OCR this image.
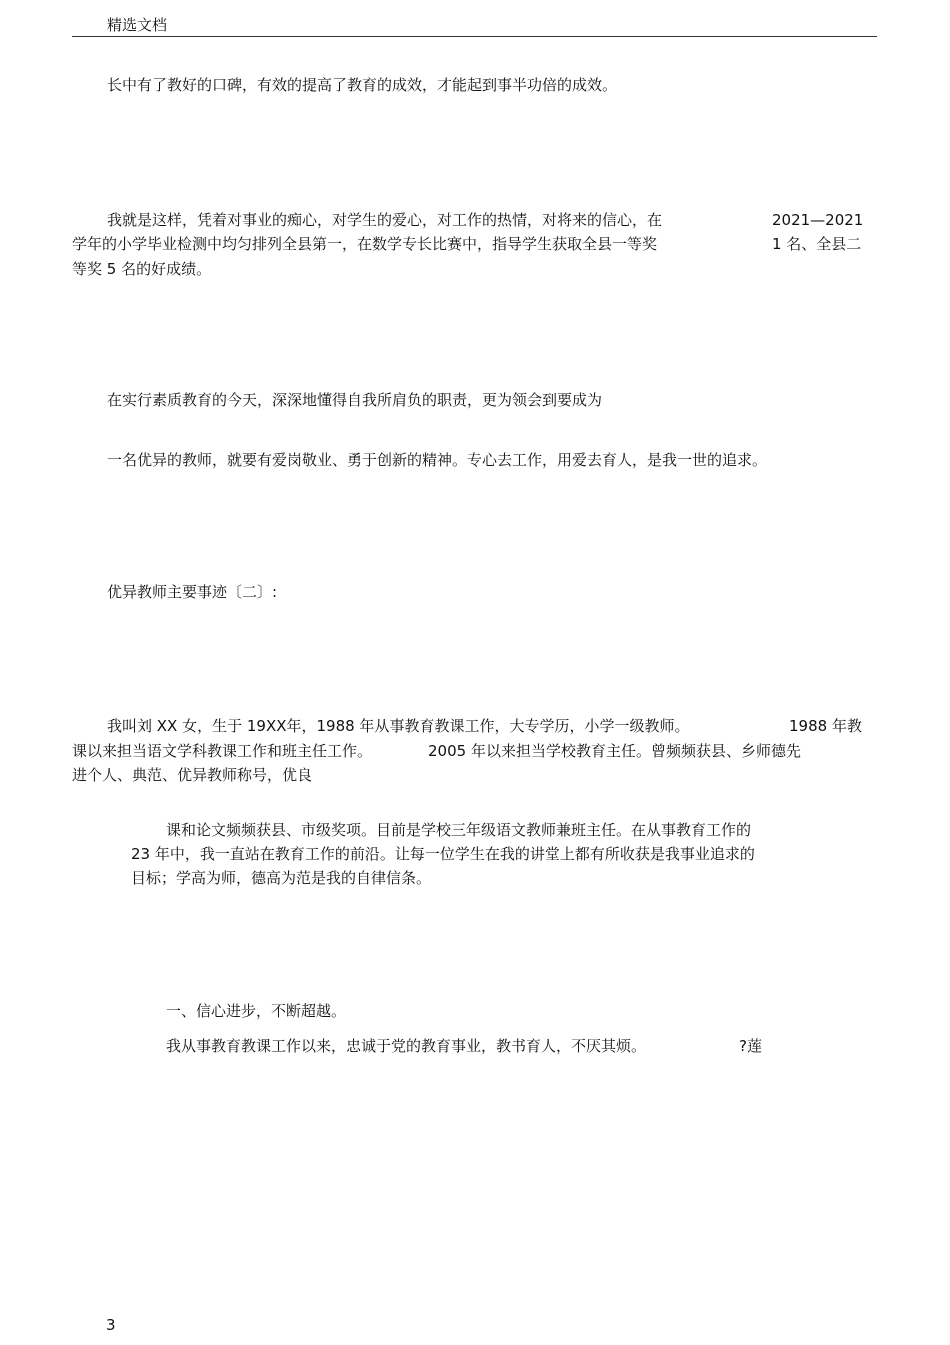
精选文档
长中有了教好的口碑，有效的提高了教育的成效，才能起到事半功倍的成效。
我就是这样，凭着对事业的痴心，对学生的爱心，对工作的热情，对将来的信心，在	2021—2021
学年的小学毕业检测中均匀排列全县第一，在数学专长比赛中，指导学生获取全县一等奖	1 名、全县二
等奖 5 名的好成绩。
在实行素质教育的今天，深深地懂得自我所肩负的职责，更为领会到要成为
一名优异的教师，就要有爱岗敬业、勇于创新的精神。专心去工作，用爱去育人，是我一世的追求。
优异教师主要事迹〔二〕:
我叫刘 XX 女，生于 19XX年，1988 年从事教育教课工作，大专学历，小学一级教师。	1988 年教
课以来担当语文学科教课工作和班主任工作。	2005 年以来担当学校教育主任。曾频频获县、乡师德先
进个人、典范、优异教师称号，优良
课和论文频频获县、市级奖项。目前是学校三年级语文教师兼班主任。在从事教育工作的
23 年中，我一直站在教育工作的前沿。让每一位学生在我的讲堂上都有所收获是我事业追求的
目标；学高为师，德高为范是我的自律信条。
一、信心进步，不断超越。
我从事教育教课工作以来，忠诚于党的教育事业，教书育人，不厌其烦。	?莲
3
